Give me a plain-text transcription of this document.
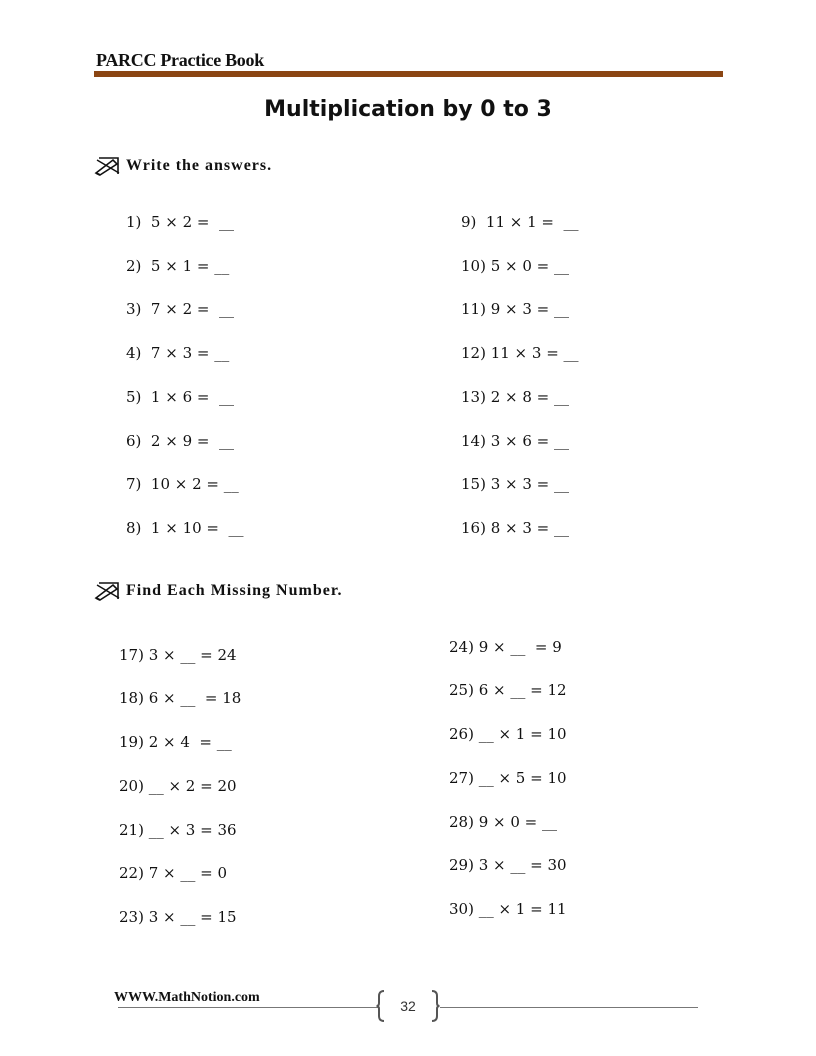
PARCC Practice Book
Multiplication by 0 to 3
Write the answers.
1)  5 × 2 =  __
2)  5 × 1 = __
3)  7 × 2 =  __
4)  7 × 3 = __
5)  1 × 6 =  __
6)  2 × 9 =  __
7)  10 × 2 = __
8)  1 × 10 =  __
9)  11 × 1 =  __
10) 5 × 0 = __
11) 9 × 3 = __
12) 11 × 3 = __
13) 2 × 8 = __
14) 3 × 6 = __
15) 3 × 3 = __
16) 8 × 3 = __
Find Each Missing Number.
17) 3 × __ = 24
18) 6 × __  = 18
19) 2 × 4  = __
20) __ × 2 = 20
21) __ × 3 = 36
22) 7 × __ = 0
23) 3 × __ = 15
24) 9 × __  = 9
25) 6 × __ = 12
26) __ × 1 = 10
27) __ × 5 = 10
28) 9 × 0 = __
29) 3 × __ = 30
30) __ × 1 = 11
WWW.MathNotion.com
32
